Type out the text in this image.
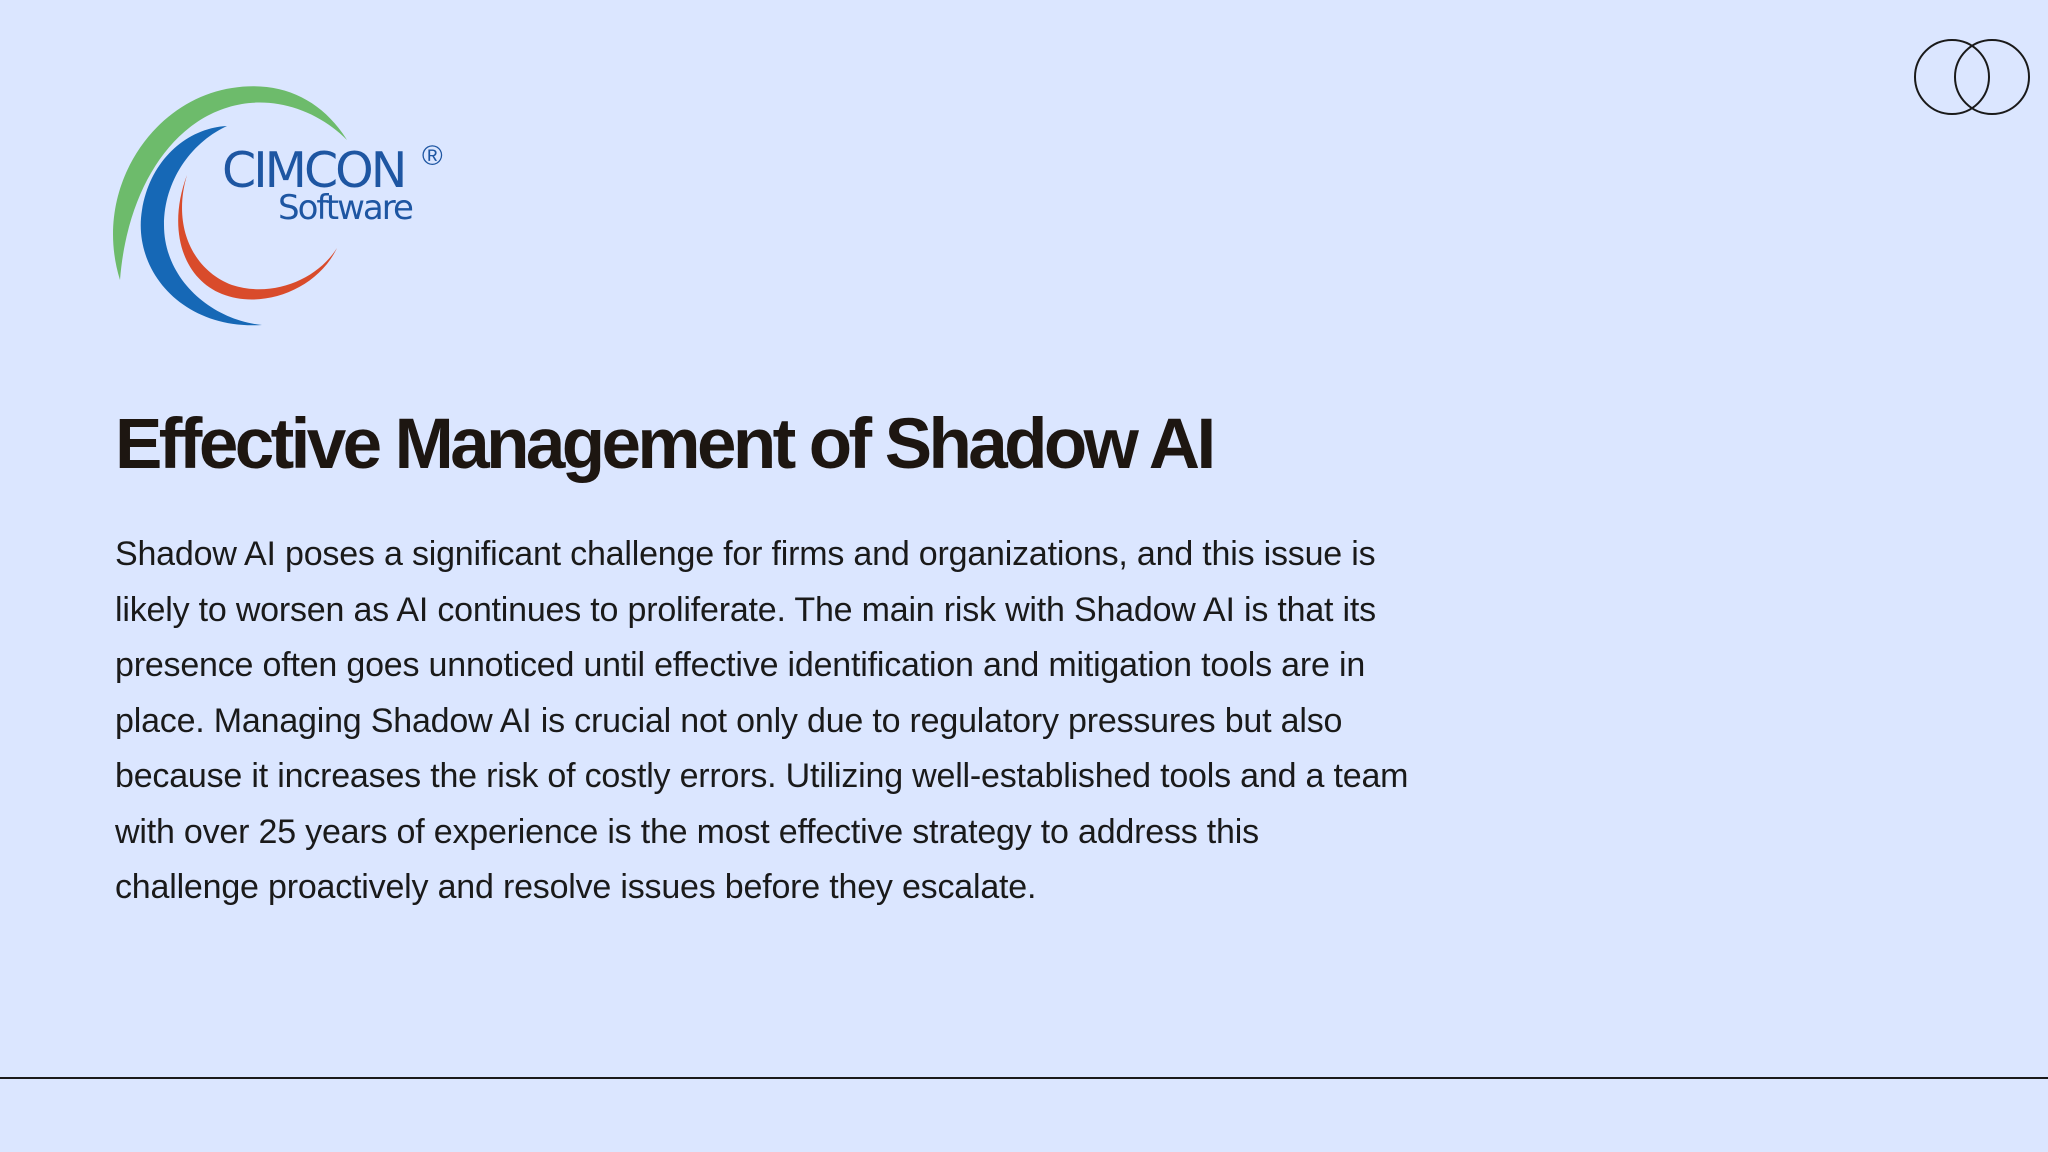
CIMCON ®
Software
Effective Management of Shadow AI

Shadow AI poses a significant challenge for firms and organizations, and this issue is
likely to worsen as AI continues to proliferate. The main risk with Shadow AI is that its
presence often goes unnoticed until effective identification and mitigation tools are in
place. Managing Shadow AI is crucial not only due to regulatory pressures but also
because it increases the risk of costly errors. Utilizing well-established tools and a team
with over 25 years of experience is the most effective strategy to address this
challenge proactively and resolve issues before they escalate.
